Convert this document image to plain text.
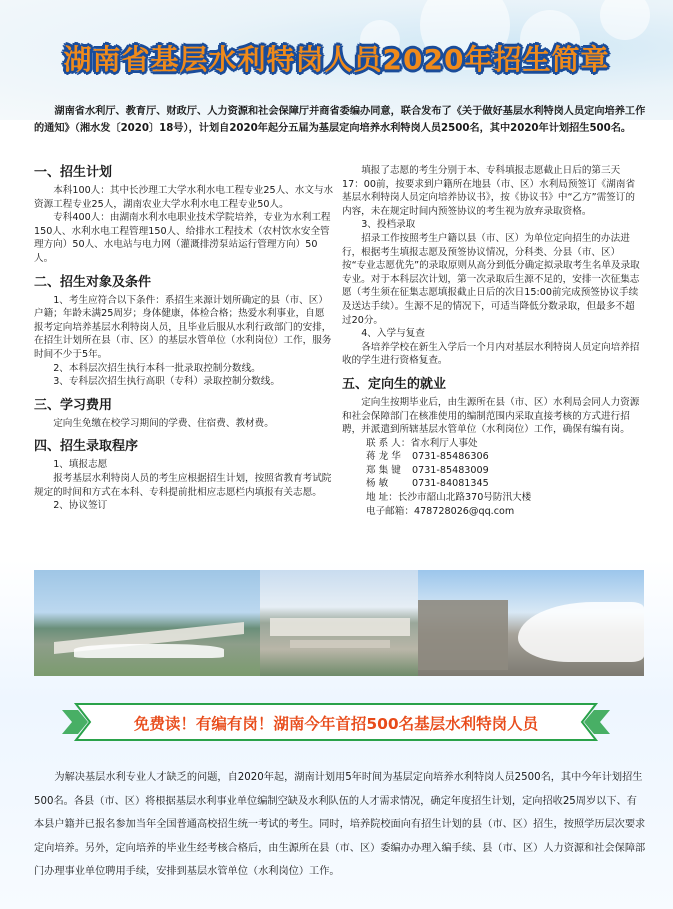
湖南省基层水利特岗人员2020年招生简章
湖南省水利厅、教育厅、财政厅、人力资源和社会保障厅并商省委编办同意，联合发布了《关于做好基层水利特岗人员定向培养工作的通知》（湘水发〔2020〕18号），计划自2020年起分五届为基层定向培养水利特岗人员2500名，其中2020年计划招生500名。
一、招生计划

本科100人：其中长沙理工大学水利水电工程专业25人、水文与水资源工程专业25人，湖南农业大学水利水电工程专业50人。

专科400人：由湖南水利水电职业技术学院培养，专业为水利工程150人、水利水电工程管理150人、给排水工程技术（农村饮水安全管理方向）50人、水电站与电力网（灌溉排涝泵站运行管理方向）50人。

二、招生对象及条件

1、考生应符合以下条件：系招生来源计划所确定的县（市、区）户籍；年龄未满25周岁；身体健康，体检合格；热爱水利事业，自愿报考定向培养基层水利特岗人员，且毕业后服从水利行政部门的安排，在招生计划所在县（市、区）的基层水管单位（水利岗位）工作，服务时间不少于5年。

2、本科层次招生执行本科一批录取控制分数线。

3、专科层次招生执行高职（专科）录取控制分数线。

三、学习费用

定向生免缴在校学习期间的学费、住宿费、教材费。

四、招生录取程序

1、填报志愿

报考基层水利特岗人员的考生应根据招生计划，按照省教育考试院规定的时间和方式在本科、专科提前批相应志愿栏内填报有关志愿。

2、协议签订

填报了志愿的考生分别于本、专科填报志愿截止日后的第三天17：00前，按要求到户籍所在地县（市、区）水利局预签订《湖南省基层水利特岗人员定向培养协议书》，按《协议书》中“乙方”需签订的内容，未在规定时间内预签协议的考生视为放弃录取资格。

3、投档录取

招录工作按照考生户籍以县（市、区）为单位定向招生的办法进行，根据考生填报志愿及预签协议情况，分科类、分县（市、区）按“专业志愿优先”的录取原则从高分到低分确定拟录取考生名单及录取专业。对于本科层次计划，第一次录取后生源不足的，安排一次征集志愿（考生须在征集志愿填报截止日后的次日15:00前完成预签协议手续及送达手续）。生源不足的情况下，可适当降低分数录取，但最多不超过20分。

4、入学与复查

各培养学校在新生入学后一个月内对基层水利特岗人员定向培养招收的学生进行资格复查。

五、定向生的就业

定向生按期毕业后，由生源所在县（市、区）水利局会同人力资源和社会保障部门在核准使用的编制范围内采取直接考核的方式进行招聘，并派遣到所辖基层水管单位（水利岗位）工作，确保有编有岗。

联 系 人：省水利厅人事处

蒋 龙 华 0731-85486306

郑 集 键 0731-85483009

杨 敏 0731-84081345

地 址：长沙市韶山北路370号防汛大楼

电子邮箱：478728026@qq.com

免费读！有编有岗！湖南今年首招500名基层水利特岗人员
为解决基层水利专业人才缺乏的问题，自2020年起，湖南计划用5年时间为基层定向培养水利特岗人员2500名，其中今年计划招生500名。各县（市、区）将根据基层水利事业单位编制空缺及水利队伍的人才需求情况，确定年度招生计划，定向招收25周岁以下、有本县户籍并已报名参加当年全国普通高校招生统一考试的考生。同时，培养院校面向有招生计划的县（市、区）招生，按照学历层次要求定向培养。另外，定向培养的毕业生经考核合格后，由生源所在县（市、区）委编办办理入编手续、县（市、区）人力资源和社会保障部门办理事业单位聘用手续，安排到基层水管单位（水利岗位）工作。
